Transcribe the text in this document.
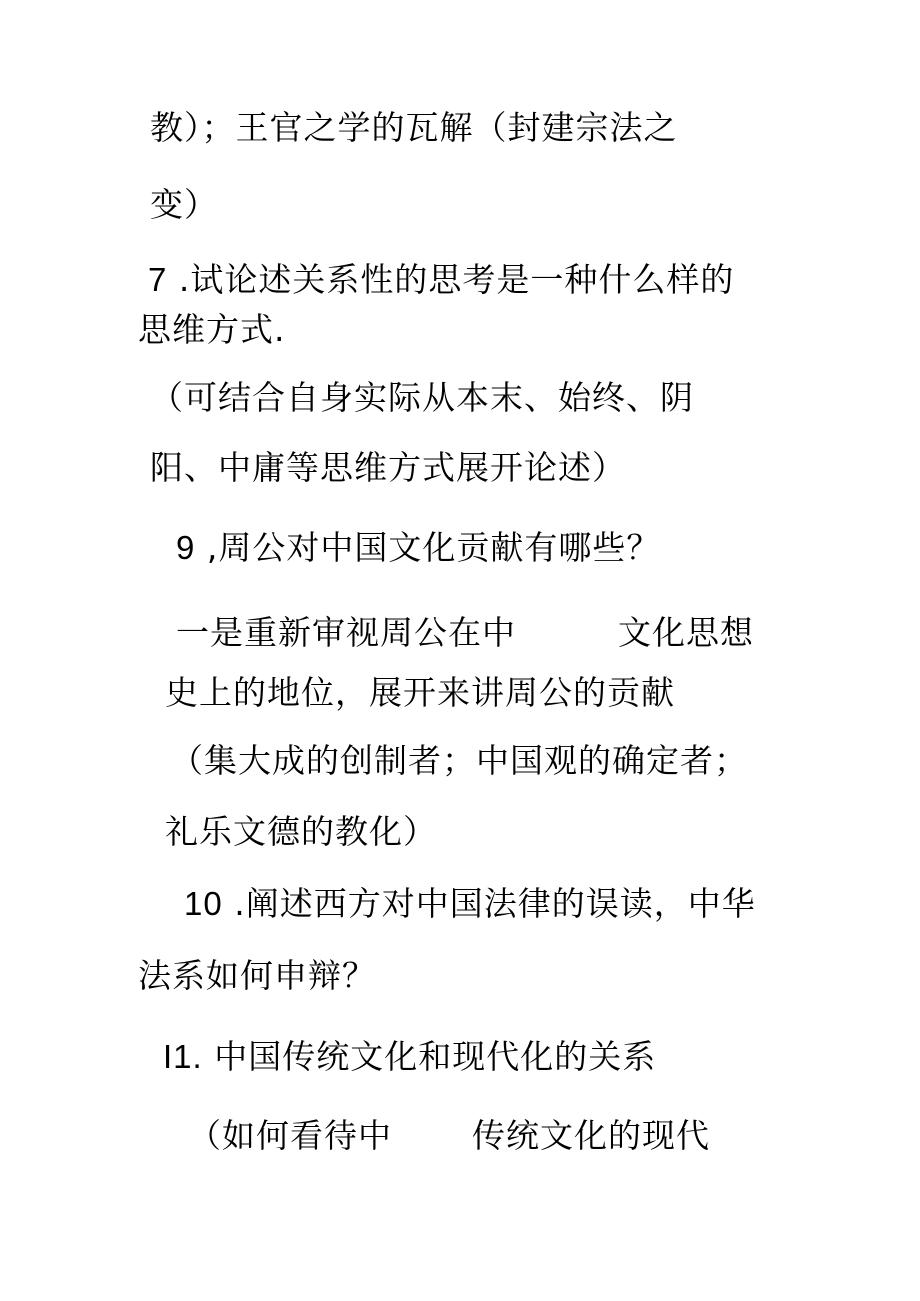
教）；王官之学的瓦解（封建宗法之
变）
7 .试论述关系性的思考是一种什么样的
思维方式.
（可结合自身实际从本末、始终、阴
阳、中庸等思维方式展开论述）
9 ,周公对中国文化贡献有哪些？
一是重新审视周公在中	文化思想
史上的地位，展开来讲周公的贡献
（集大成的创制者；中国观的确定者；
礼乐文德的教化）
10 .阐述西方对中国法律的误读，中华
法系如何申辩？
I1. 中国传统文化和现代化的关系
（如何看待中 传统文化的现代
